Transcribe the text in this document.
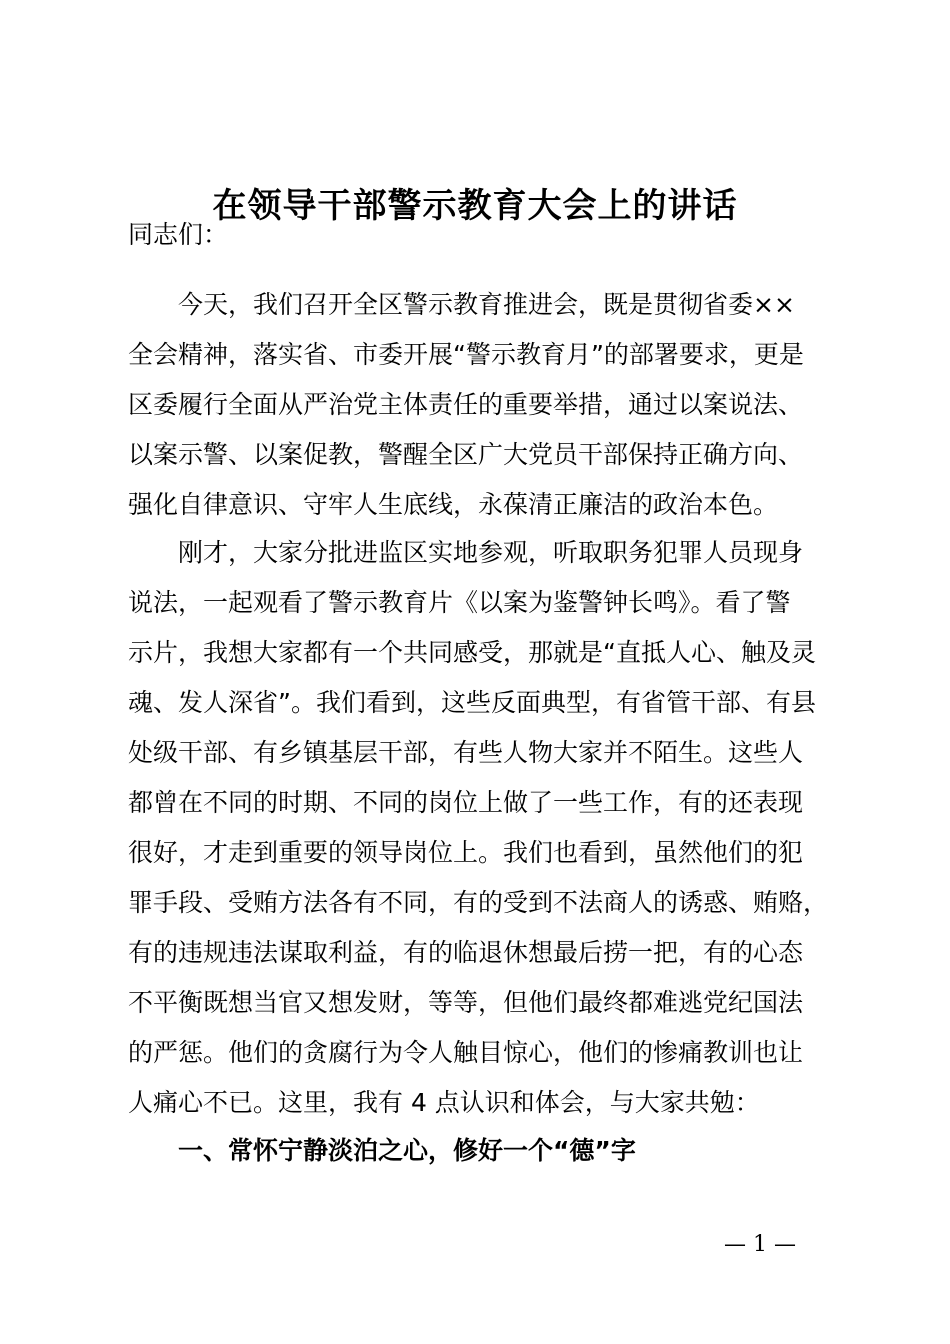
在领导干部警示教育大会上的讲话
同志们：
　　今天，我们召开全区警示教育推进会，既是贯彻省委××
全会精神，落实省、市委开展“警示教育月”的部署要求，更是
区委履行全面从严治党主体责任的重要举措，通过以案说法、
以案示警、以案促教，警醒全区广大党员干部保持正确方向、
强化自律意识、守牢人生底线，永葆清正廉洁的政治本色。
　　刚才，大家分批进监区实地参观，听取职务犯罪人员现身
说法，一起观看了警示教育片《以案为鉴警钟长鸣》。看了警
示片，我想大家都有一个共同感受，那就是“直抵人心、触及灵
魂、发人深省”。我们看到，这些反面典型，有省管干部、有县
处级干部、有乡镇基层干部，有些人物大家并不陌生。这些人
都曾在不同的时期、不同的岗位上做了一些工作，有的还表现
很好，才走到重要的领导岗位上。我们也看到，虽然他们的犯
罪手段、受贿方法各有不同，有的受到不法商人的诱惑、贿赂，
有的违规违法谋取利益，有的临退休想最后捞一把，有的心态
不平衡既想当官又想发财，等等，但他们最终都难逃党纪国法
的严惩。他们的贪腐行为令人触目惊心，他们的惨痛教训也让
人痛心不已。这里，我有 4 点认识和体会，与大家共勉：
一、常怀宁静淡泊之心，修好一个“德”字
— 1 —
